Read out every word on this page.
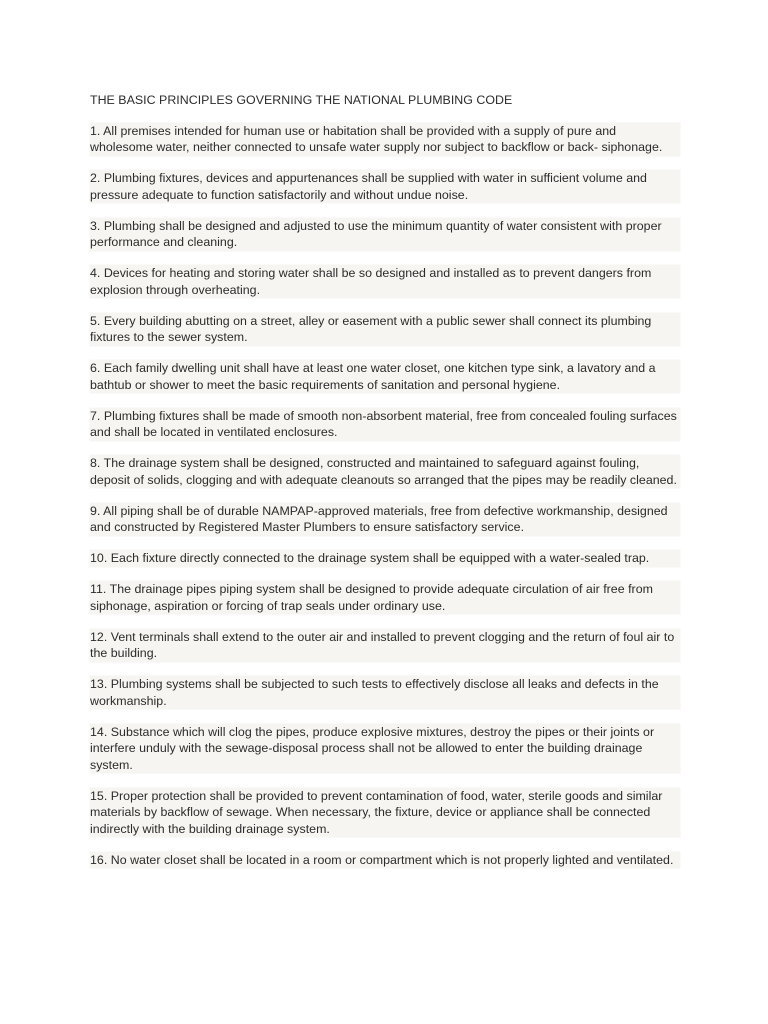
THE BASIC PRINCIPLES GOVERNING THE NATIONAL PLUMBING CODE

1. All premises intended for human use or habitation shall be provided with a supply of pure and wholesome water, neither connected to unsafe water supply nor subject to backflow or back- siphonage.

2. Plumbing fixtures, devices and appurtenances shall be supplied with water in sufficient volume and pressure adequate to function satisfactorily and without undue noise.

3. Plumbing shall be designed and adjusted to use the minimum quantity of water consistent with proper performance and cleaning.

4. Devices for heating and storing water shall be so designed and installed as to prevent dangers from explosion through overheating.

5. Every building abutting on a street, alley or easement with a public sewer shall connect its plumbing fixtures to the sewer system.

6. Each family dwelling unit shall have at least one water closet, one kitchen type sink, a lavatory and a bathtub or shower to meet the basic requirements of sanitation and personal hygiene.

7. Plumbing fixtures shall be made of smooth non-absorbent material, free from concealed fouling surfaces and shall be located in ventilated enclosures.

8. The drainage system shall be designed, constructed and maintained to safeguard against fouling, deposit of solids, clogging and with adequate cleanouts so arranged that the pipes may be readily cleaned.

9. All piping shall be of durable NAMPAP-approved materials, free from defective workmanship, designed and constructed by Registered Master Plumbers to ensure satisfactory service.

10. Each fixture directly connected to the drainage system shall be equipped with a water-sealed trap.

11. The drainage pipes piping system shall be designed to provide adequate circulation of air free from siphonage, aspiration or forcing of trap seals under ordinary use.

12. Vent terminals shall extend to the outer air and installed to prevent clogging and the return of foul air to the building.

13. Plumbing systems shall be subjected to such tests to effectively disclose all leaks and defects in the workmanship.

14. Substance which will clog the pipes, produce explosive mixtures, destroy the pipes or their joints or interfere unduly with the sewage-disposal process shall not be allowed to enter the building drainage system.

15. Proper protection shall be provided to prevent contamination of food, water, sterile goods and similar materials by backflow of sewage. When necessary, the fixture, device or appliance shall be connected indirectly with the building drainage system.

16. No water closet shall be located in a room or compartment which is not properly lighted and ventilated.
